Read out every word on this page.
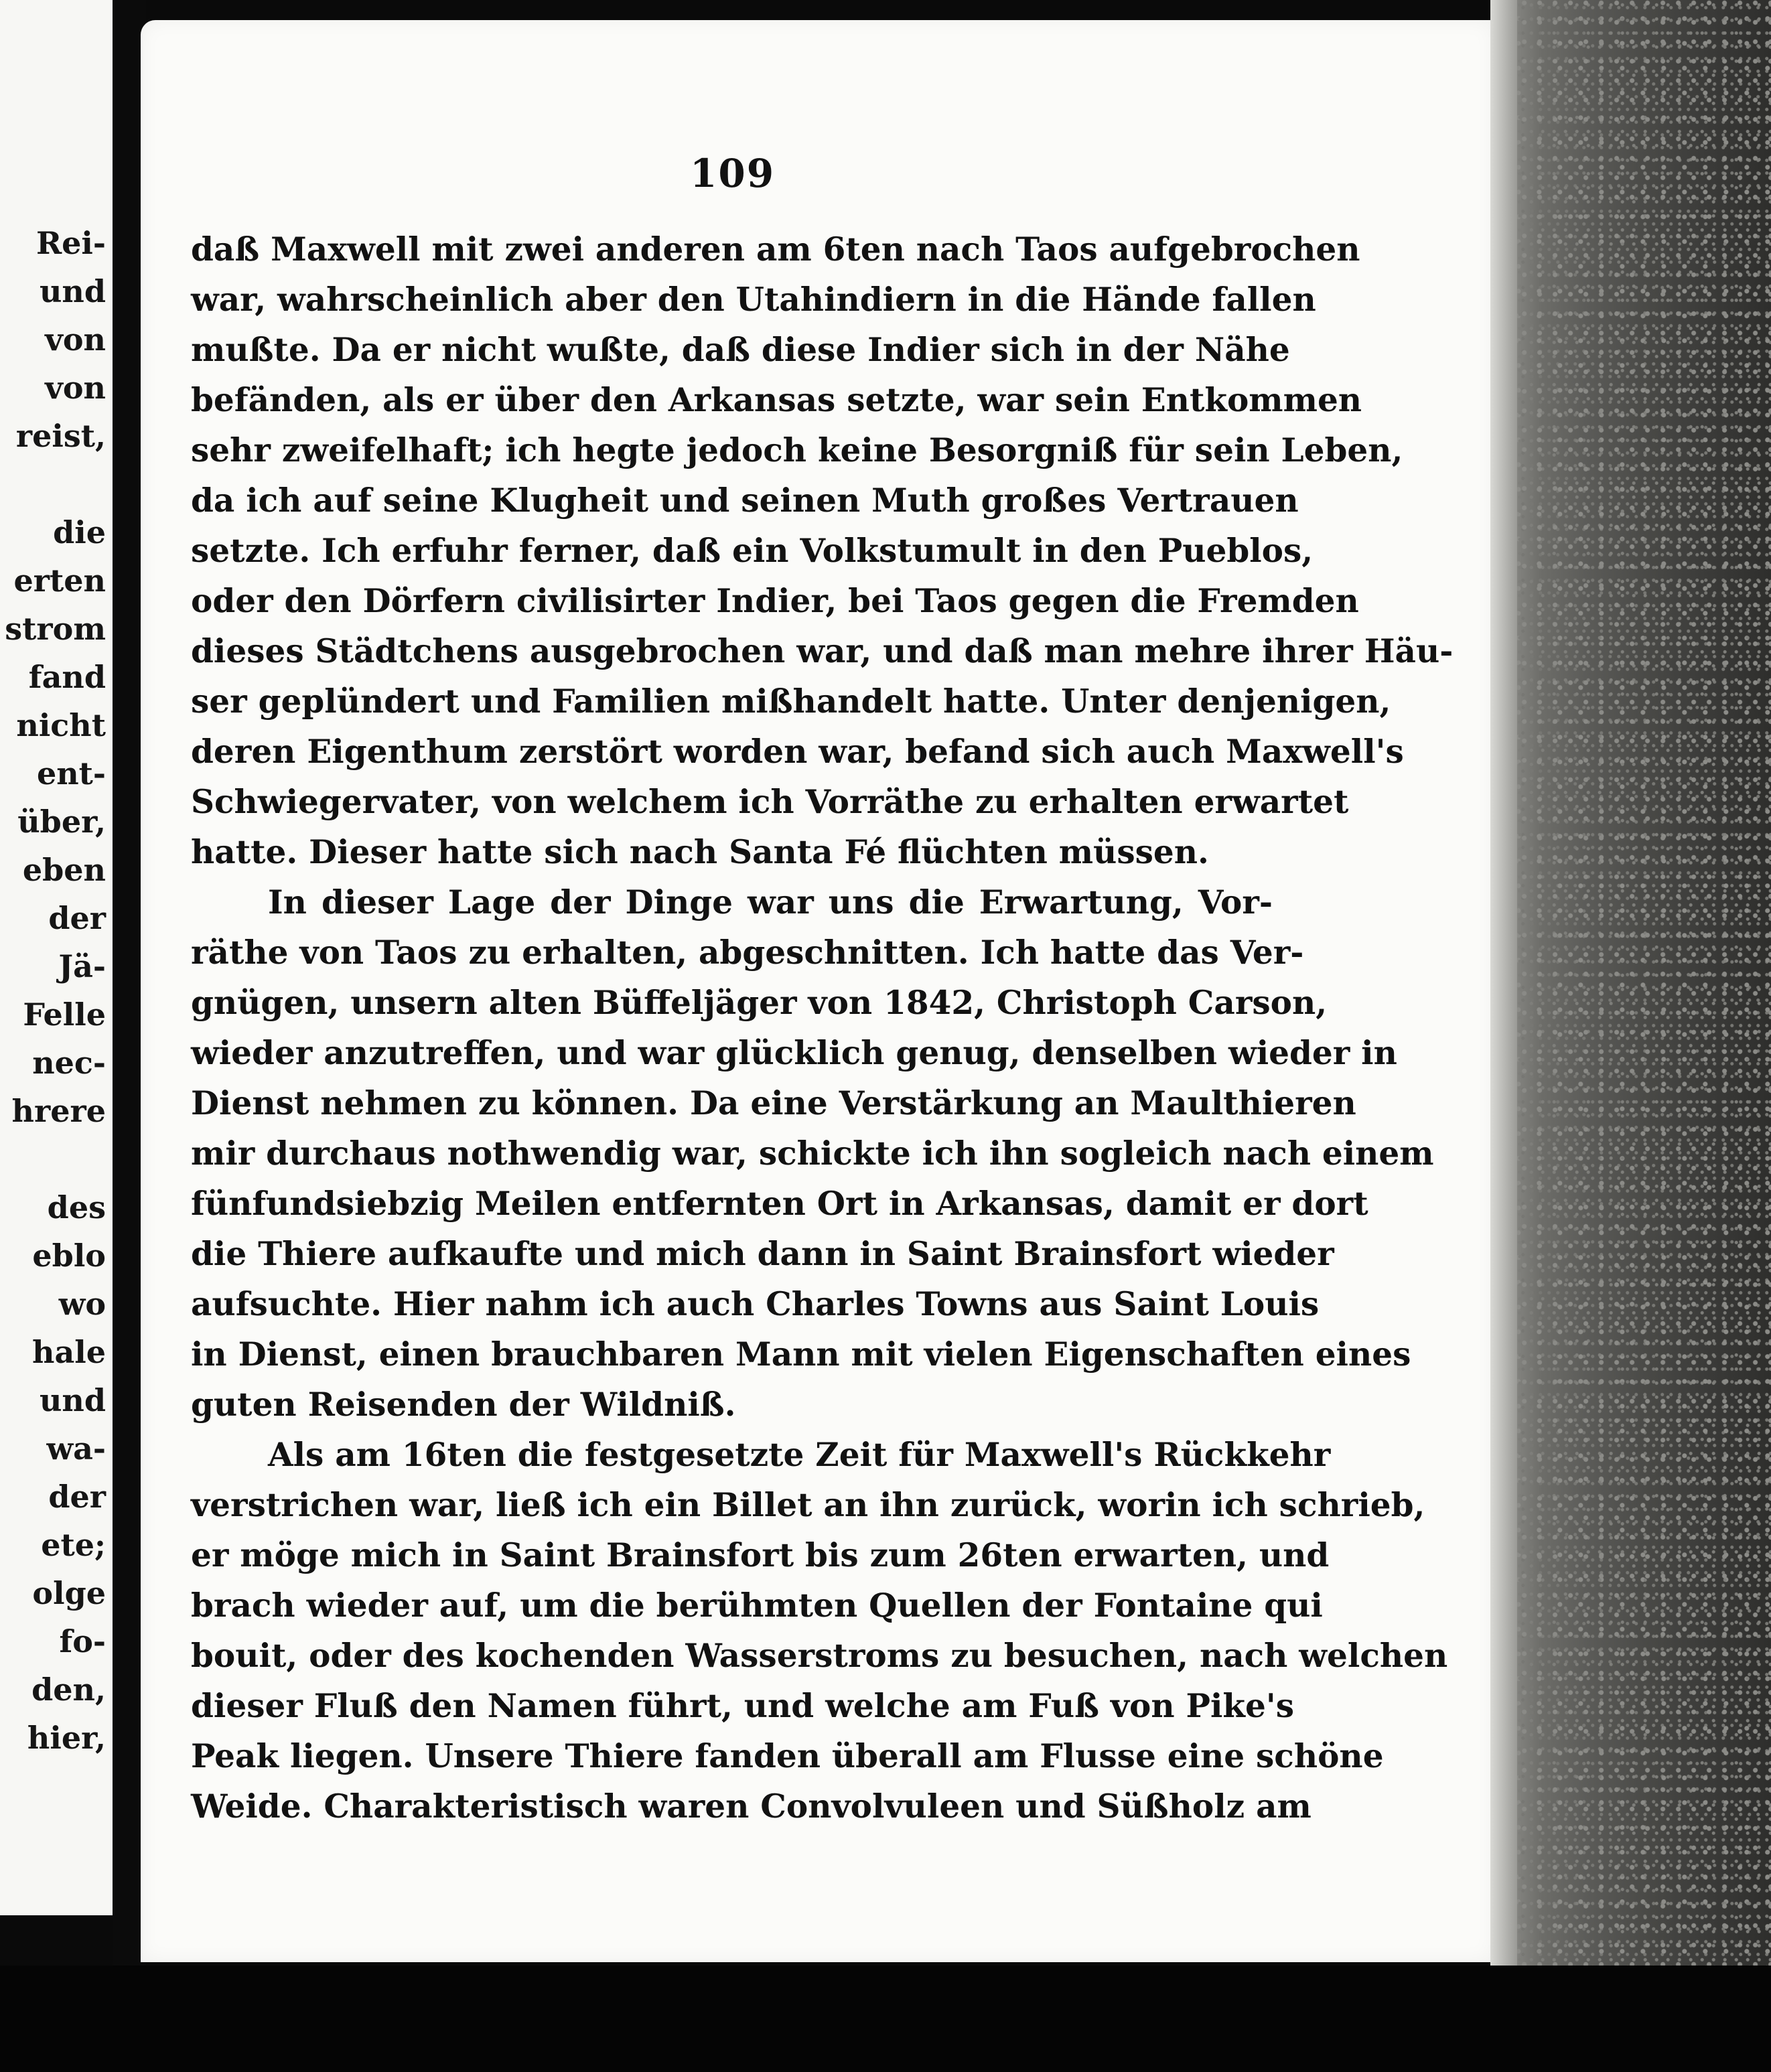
Rei-
und
von
von
reist,
die
erten
strom
fand
nicht
ent-
über,
eben
der
Jä-
Felle
nec-
hrere
des
eblo
wo
hale
und
wa-
der
ete;
olge
fo-
den,
hier,
109
daß Maxwell mit zwei anderen am 6ten nach Taos aufgebrochen
war, wahrscheinlich aber den Utahindiern in die Hände fallen
mußte. Da er nicht wußte, daß diese Indier sich in der Nähe
befänden, als er über den Arkansas setzte, war sein Entkommen
sehr zweifelhaft; ich hegte jedoch keine Besorgniß für sein Leben,
da ich auf seine Klugheit und seinen Muth großes Vertrauen
setzte. Ich erfuhr ferner, daß ein Volkstumult in den Pueblos,
oder den Dörfern civilisirter Indier, bei Taos gegen die Fremden
dieses Städtchens ausgebrochen war, und daß man mehre ihrer Häu-
ser geplündert und Familien mißhandelt hatte. Unter denjenigen,
deren Eigenthum zerstört worden war, befand sich auch Maxwell's
Schwiegervater, von welchem ich Vorräthe zu erhalten erwartet
hatte. Dieser hatte sich nach Santa Fé flüchten müssen.
In dieser Lage der Dinge war uns die Erwartung, Vor-
räthe von Taos zu erhalten, abgeschnitten. Ich hatte das Ver-
gnügen, unsern alten Büffeljäger von 1842, Christoph Carson,
wieder anzutreffen, und war glücklich genug, denselben wieder in
Dienst nehmen zu können. Da eine Verstärkung an Maulthieren
mir durchaus nothwendig war, schickte ich ihn sogleich nach einem
fünfundsiebzig Meilen entfernten Ort in Arkansas, damit er dort
die Thiere aufkaufte und mich dann in Saint Brainsfort wieder
aufsuchte. Hier nahm ich auch Charles Towns aus Saint Louis
in Dienst, einen brauchbaren Mann mit vielen Eigenschaften eines
guten Reisenden der Wildniß.
Als am 16ten die festgesetzte Zeit für Maxwell's Rückkehr
verstrichen war, ließ ich ein Billet an ihn zurück, worin ich schrieb,
er möge mich in Saint Brainsfort bis zum 26ten erwarten, und
brach wieder auf, um die berühmten Quellen der Fontaine qui
bouit, oder des kochenden Wasserstroms zu besuchen, nach welchen
dieser Fluß den Namen führt, und welche am Fuß von Pike's
Peak liegen. Unsere Thiere fanden überall am Flusse eine schöne
Weide. Charakteristisch waren Convolvuleen und Süßholz am
